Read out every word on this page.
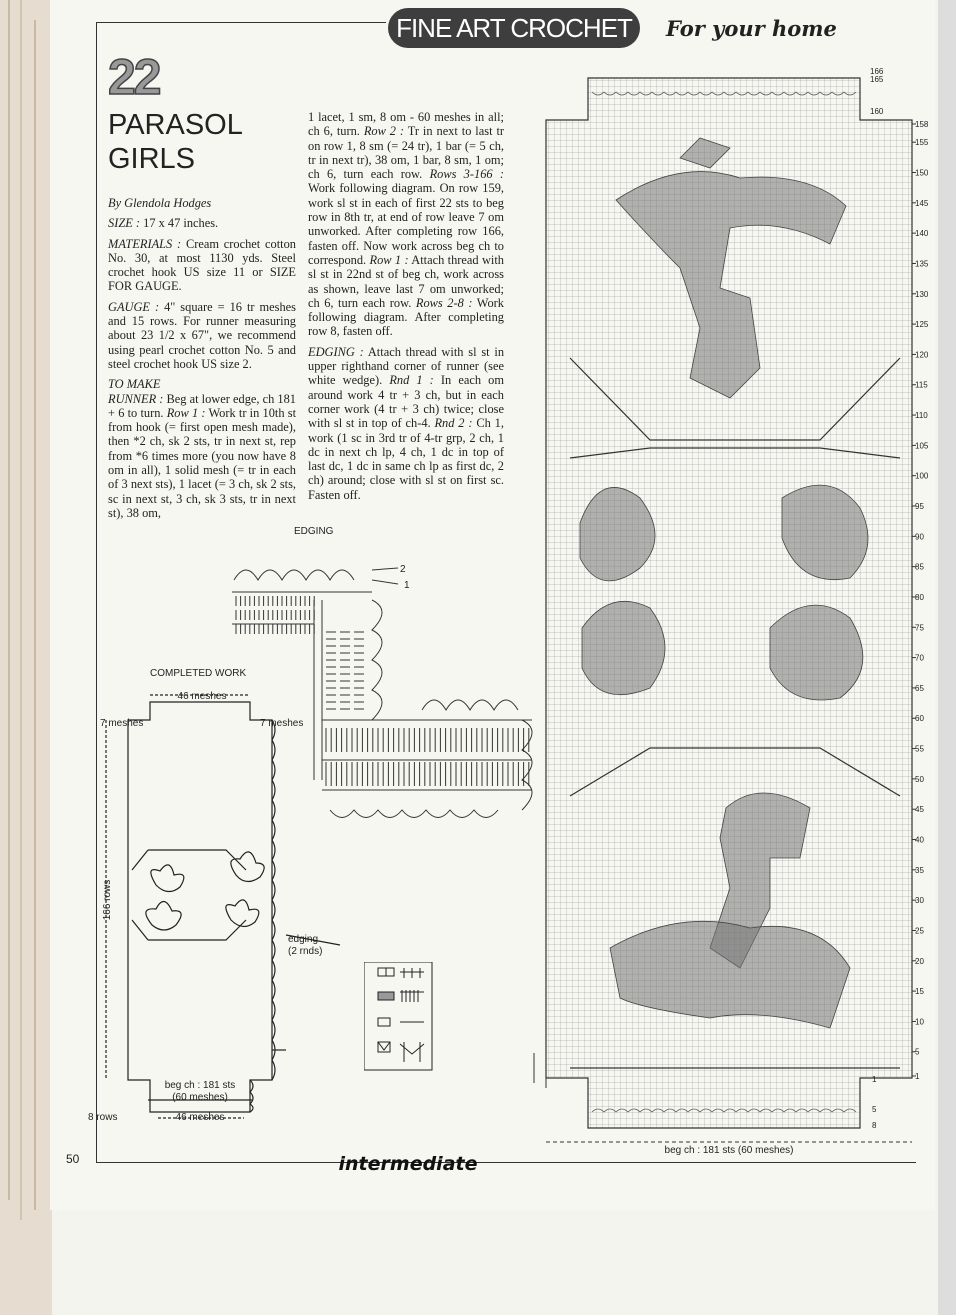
FINE ART CROCHET	For your home
22
PARASOL GIRLS

By Glendola Hodges

SIZE : 17 x 47 inches.

MATERIALS : Cream crochet cotton No. 30, at most 1130 yds. Steel crochet hook US size 11 or SIZE FOR GAUGE.

GAUGE : 4" square = 16 tr meshes and 15 rows. For runner measuring about 23 1/2 x 67", we recommend using pearl crochet cotton No. 5 and steel crochet hook US size 2.

TO MAKE
RUNNER : Beg at lower edge, ch 181 + 6 to turn. Row 1 : Work tr in 10th st from hook (= first open mesh made), then *2 ch, sk 2 sts, tr in next st, rep from *6 times more (you now have 8 om in all), 1 solid mesh (= tr in each of 3 next sts), 1 lacet (= 3 ch, sk 2 sts, sc in next st, 3 ch, sk 3 sts, tr in next st), 38 om,

1 lacet, 1 sm, 8 om - 60 meshes in all; ch 6, turn. Row 2 : Tr in next to last tr on row 1, 8 sm (= 24 tr), 1 bar (= 5 ch, tr in next tr), 38 om, 1 bar, 8 sm, 1 om; ch 6, turn each row. Rows 3-166 : Work following diagram. On row 159, work sl st in each of first 22 sts to beg row in 8th tr, at end of row leave 7 om unworked. After completing row 166, fasten off. Now work across beg ch to correspond. Row 1 : Attach thread with sl st in 22nd st of beg ch, work across as shown, leave last 7 om unworked; ch 6, turn each row. Rows 2-8 : Work following diagram. After completing row 8, fasten off.

EDGING : Attach thread with sl st in upper righthand corner of runner (see white wedge). Rnd 1 : In each om around work 4 tr + 3 ch, but in each corner work (4 tr + 3 ch) twice; close with sl st in top of ch-4. Rnd 2 : Ch 1, work (1 sc in 3rd tr of 4-tr grp, 2 ch, 1 dc in next ch lp, 4 ch, 1 dc in top of last dc, 1 dc in same ch lp as first dc, 2 ch) around; close with sl st on first sc. Fasten off.

EDGING
2
1
COMPLETED WORK
46 meshes
7 meshes	7 meshes
166 rows
edging
(2 rnds)
beg ch : 181 sts
(60 meshes)
46 meshes
8 rows
158
155
150
145
140
135
130
125
120
115
110
105
100
95
90
85
80
75
70
65
60
55
50
45
40
35
30
25
20
15
10
5
1
166
165
160
1
5
8
beg ch : 181 sts (60 meshes)
50	intermediate
